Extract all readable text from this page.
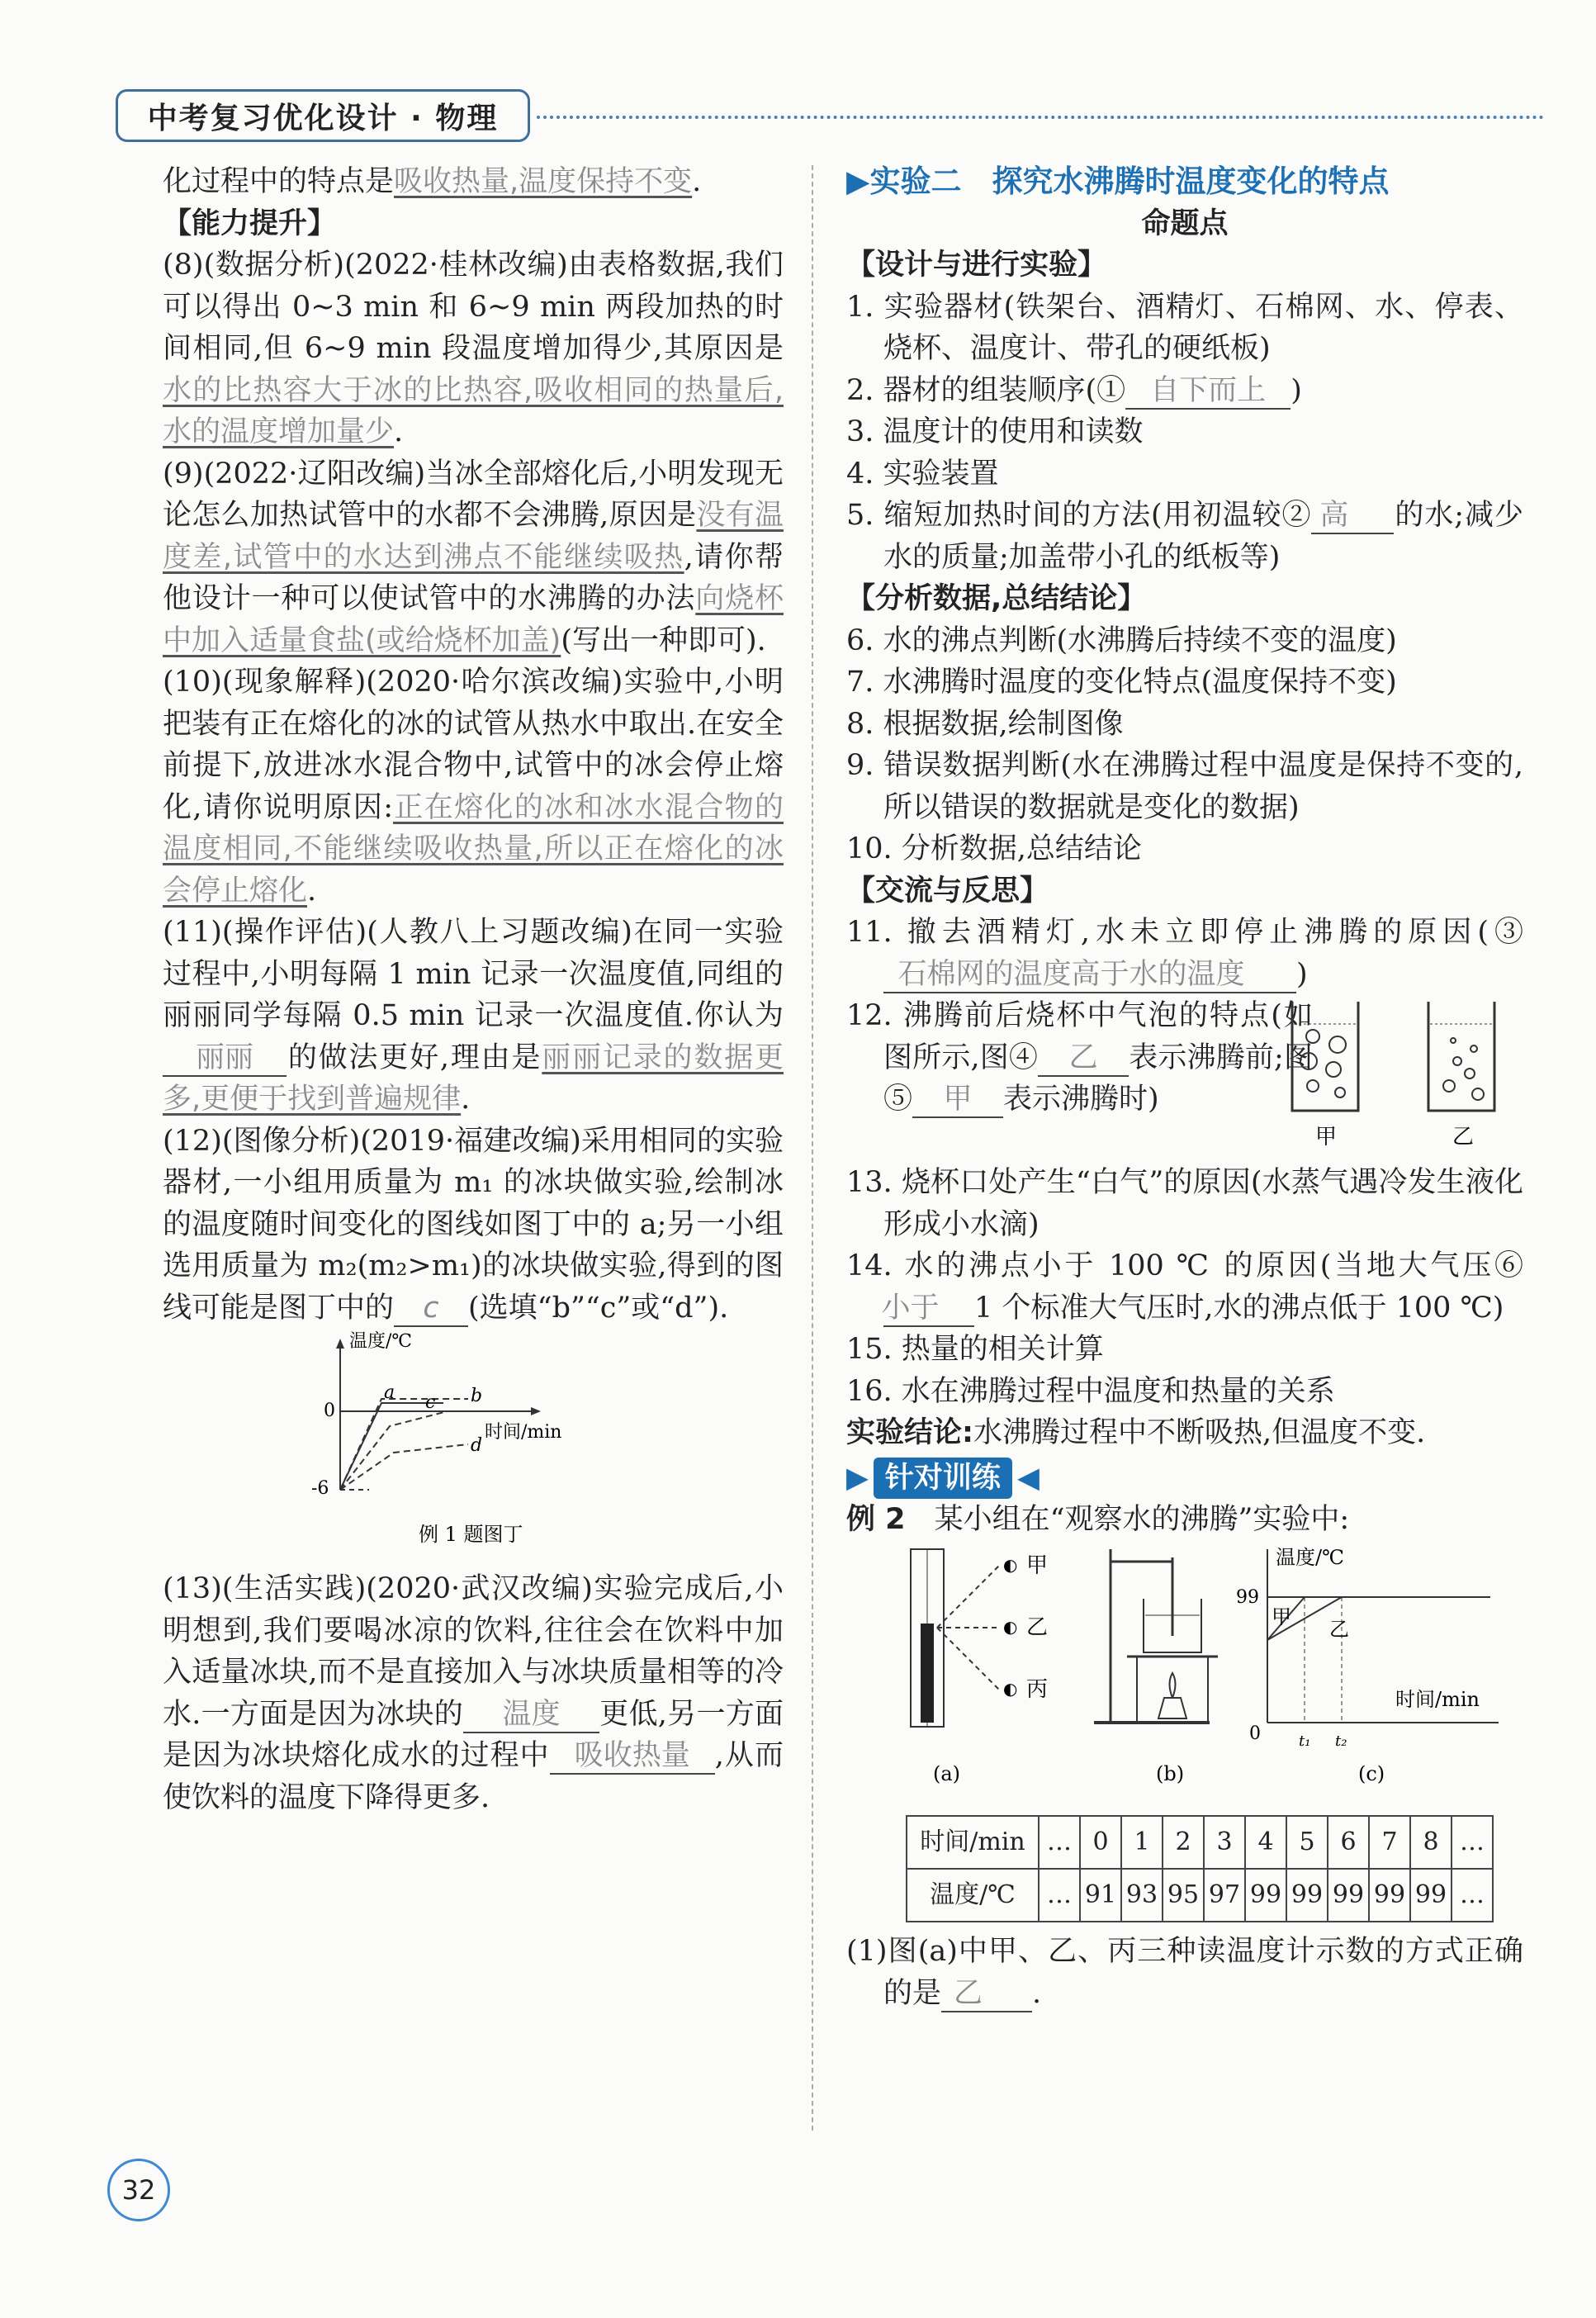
中考复习优化设计 · 物理

化过程中的特点是吸收热量,温度保持不变.

【能力提升】

(8)(数据分析)(2022·桂林改编)由表格数据,我们可以得出 0~3 min 和 6~9 min 两段加热的时间相同,但 6~9 min 段温度增加得少,其原因是水的比热容大于冰的比热容,吸收相同的热量后,水的温度增加量少.

(9)(2022·辽阳改编)当冰全部熔化后,小明发现无论怎么加热试管中的水都不会沸腾,原因是没有温度差,试管中的水达到沸点不能继续吸热,请你帮他设计一种可以使试管中的水沸腾的办法向烧杯中加入适量食盐(或给烧杯加盖)(写出一种即可).

(10)(现象解释)(2020·哈尔滨改编)实验中,小明把装有正在熔化的冰的试管从热水中取出.在安全前提下,放进冰水混合物中,试管中的冰会停止熔化,请你说明原因:正在熔化的冰和冰水混合物的温度相同,不能继续吸收热量,所以正在熔化的冰会停止熔化.

(11)(操作评估)(人教八上习题改编)在同一实验过程中,小明每隔 1 min 记录一次温度值,同组的丽丽同学每隔 0.5 min 记录一次温度值.你认为丽丽 的做法更好,理由是丽丽记录的数据更多,更便于找到普遍规律.

(12)(图像分析)(2019·福建改编)采用相同的实验器材,一小组用质量为 m₁ 的冰块做实验,绘制冰的温度随时间变化的图线如图丁中的 a;另一小组选用质量为 m₂(m₂>m₁)的冰块做实验,得到的图线可能是图丁中的 c (选填“b”“c”或“d”).

温度/℃
时间/min
0
-6
a	b
c
d
例 1 题图丁

(13)(生活实践)(2020·武汉改编)实验完成后,小明想到,我们要喝冰凉的饮料,往往会在饮料中加入适量冰块,而不是直接加入与冰块质量相等的冷水.一方面是因为冰块的 温度 更低,另一方面是因为冰块熔化成水的过程中 吸收热量 ,从而使饮料的温度下降得更多.

▶实验二　探究水沸腾时温度变化的特点

命题点

【设计与进行实验】

1. 实验器材(铁架台、酒精灯、石棉网、水、停表、烧杯、温度计、带孔的硬纸板)

2. 器材的组装顺序(① 自下而上 )

3. 温度计的使用和读数

4. 实验装置

5. 缩短加热时间的方法(用初温较② 高 的水;减少水的质量;加盖带小孔的纸板等)

【分析数据,总结结论】

6. 水的沸点判断(水沸腾后持续不变的温度)

7. 水沸腾时温度的变化特点(温度保持不变)

8. 根据数据,绘制图像

9. 错误数据判断(水在沸腾过程中温度是保持不变的,所以错误的数据就是变化的数据)

10. 分析数据,总结结论

【交流与反思】

11. 撤去酒精灯,水未立即停止沸腾的原因(③石棉网的温度高于水的温度 )

12. 沸腾前后烧杯中气泡的特点(如图所示,图④ 乙 表示沸腾前;图⑤ 甲 表示沸腾时)

甲	乙

13. 烧杯口处产生“白气”的原因(水蒸气遇冷发生液化形成小水滴)

14. 水的沸点小于 100 ℃ 的原因(当地大气压⑥小于 1 个标准大气压时,水的沸点低于 100 ℃)

15. 热量的相关计算

16. 水在沸腾过程中温度和热量的关系

实验结论:水沸腾过程中不断吸热,但温度不变.

▶ 针对训练 ◀

例 2　 某小组在“观察水的沸腾”实验中:

◐
◐
◐
甲
乙
丙
(a)	(b)
温度/℃
时间/min
99
0
甲
乙
t₁ t₂
(c)
时间/min	…	0	1	2	3	4	5	6	7	8	…
温度/℃	…	91	93	95	97	99	99	99	99	99	…

(1)图(a)中甲、乙、丙三种读温度计示数的方式正确的是 乙 .

32
